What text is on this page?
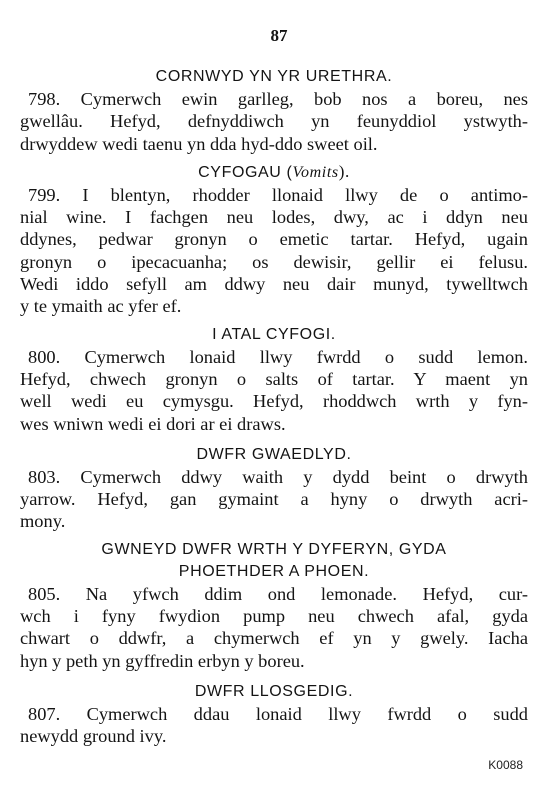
87
CORNWYD YN YR URETHRA.
798. Cymerwch ewin garlleg, bob nos a boreu, nes
gwellâu. Hefyd, defnyddiwch yn feunyddiol ystwyth-
drwyddew wedi taenu yn dda hyd-ddo sweet oil.
CYFOGAU (Vomits).
799. I blentyn, rhodder llonaid llwy de o antimo-
nial wine. I fachgen neu lodes, dwy, ac i ddyn neu
ddynes, pedwar gronyn o emetic tartar. Hefyd, ugain
gronyn o ipecacuanha; os dewisir, gellir ei felusu.
Wedi iddo sefyll am ddwy neu dair munyd, tywelltwch
y te ymaith ac yfer ef.
I ATAL CYFOGI.
800. Cymerwch lonaid llwy fwrdd o sudd lemon.
Hefyd, chwech gronyn o salts of tartar. Y maent yn
well wedi eu cymysgu. Hefyd, rhoddwch wrth y fyn-
wes wniwn wedi ei dori ar ei draws.
DWFR GWAEDLYD.
803. Cymerwch ddwy waith y dydd beint o drwyth
yarrow. Hefyd, gan gymaint a hyny o drwyth acri-
mony.
GWNEYD DWFR WRTH Y DYFERYN, GYDA
PHOETHDER A PHOEN.
805. Na yfwch ddim ond lemonade. Hefyd, cur-
wch i fyny fwydion pump neu chwech afal, gyda
chwart o ddwfr, a chymerwch ef yn y gwely. Iacha
hyn y peth yn gyffredin erbyn y boreu.
DWFR LLOSGEDIG.
807. Cymerwch ddau lonaid llwy fwrdd o sudd
newydd ground ivy.
K0088
